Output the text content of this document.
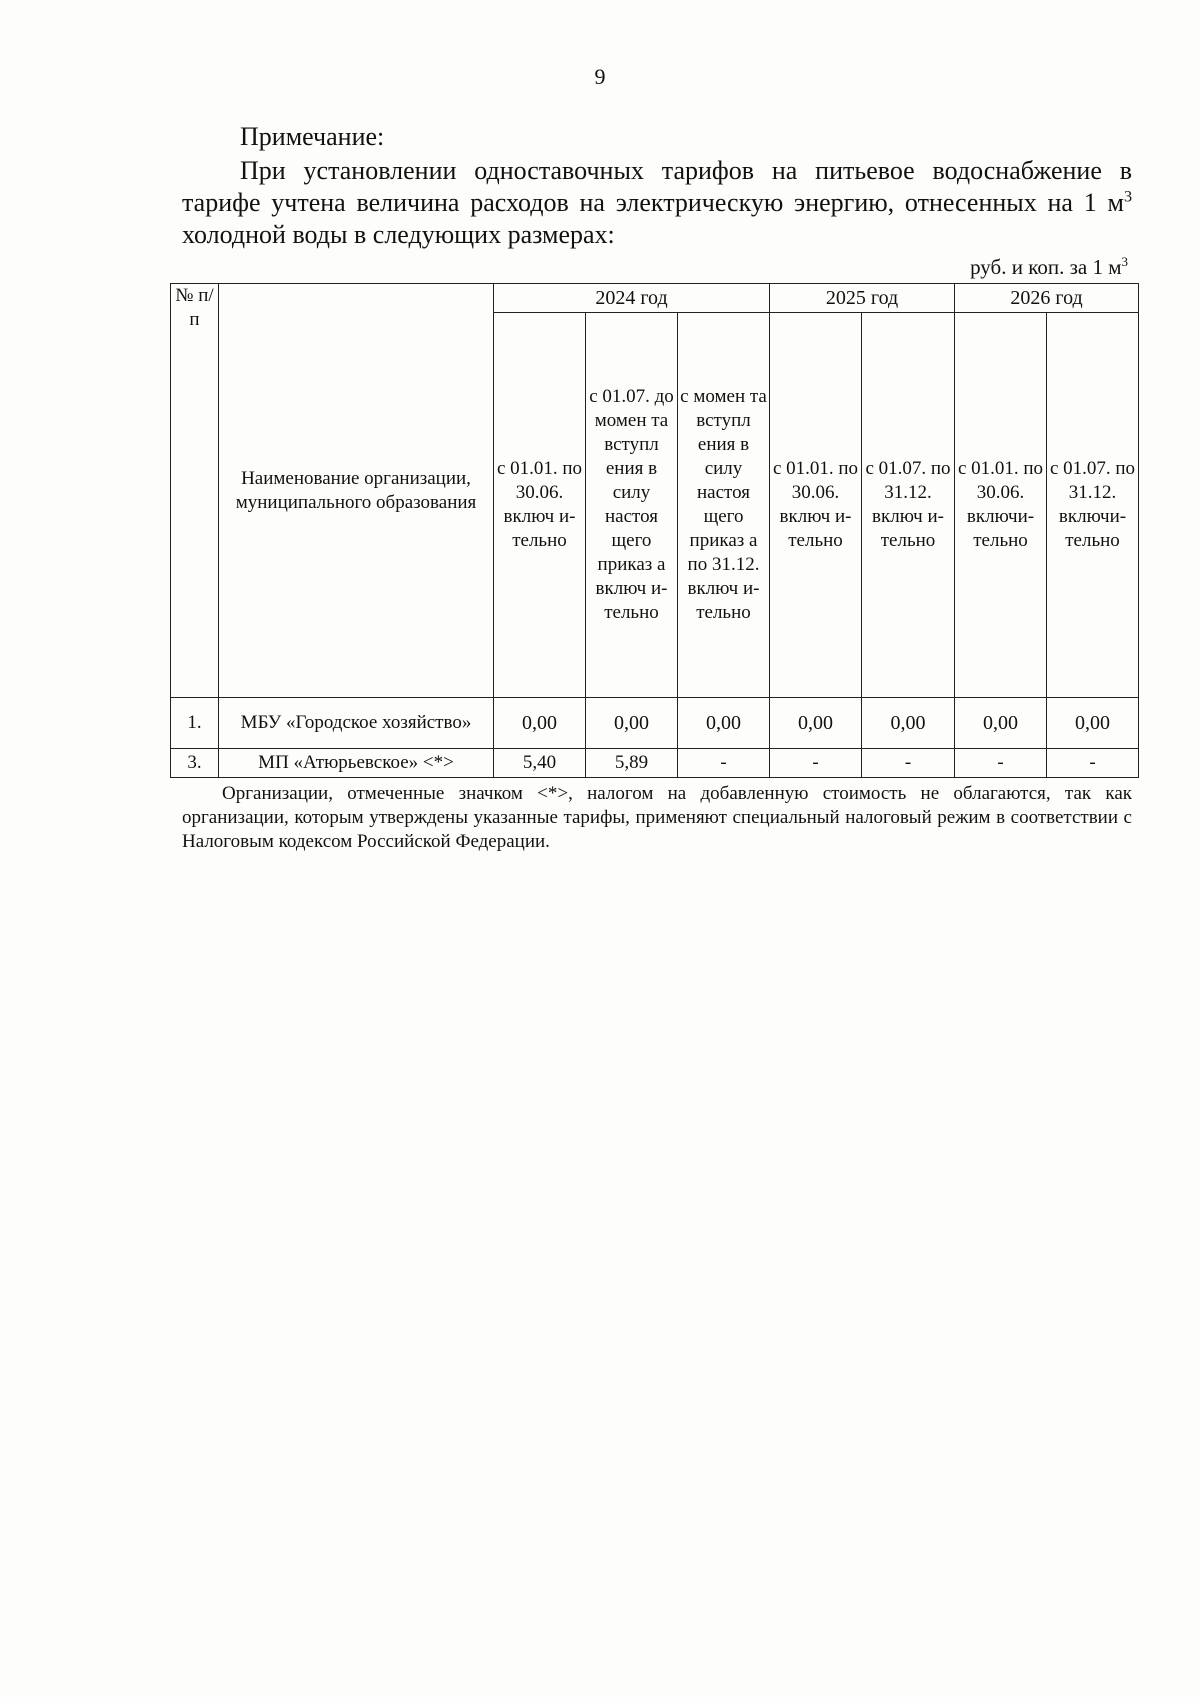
9
Примечание:

При установлении одноставочных тарифов на питьевое водоснабжение в тарифе учтена величина расходов на электрическую энергию, отнесенных на 1 $м^3$ холодной воды в следующих размерах:

руб. и коп. за 1 $м^3$
№ п/ п	Наименование организации, муниципального образования	2024 год			2025 год		2026 год	
		с 01.01. по 30.06. включ и- тельно	с 01.07. до момен та вступл ения в силу настоя щего приказ а включ и- тельно	с момен та вступл ения в силу настоя щего приказ а по 31.12. включ и- тельно	с 01.01. по 30.06. включ и- тельно	с 01.07. по 31.12. включ и- тельно	с 01.01. по 30.06. включи- тельно	с 01.07. по 31.12. включи- тельно
1.	МБУ «Городское хозяйство»	0,00	0,00	0,00	0,00	0,00	0,00	0,00
3.	МП «Атюрьевское» <*>	5,40	5,89	-	-	-	-	-

Организации, отмеченные значком <*>, налогом на добавленную стоимость не облагаются, так как организации, которым утверждены указанные тарифы, применяют специальный налоговый режим в соответствии с Налоговым кодексом Российской Федерации.
